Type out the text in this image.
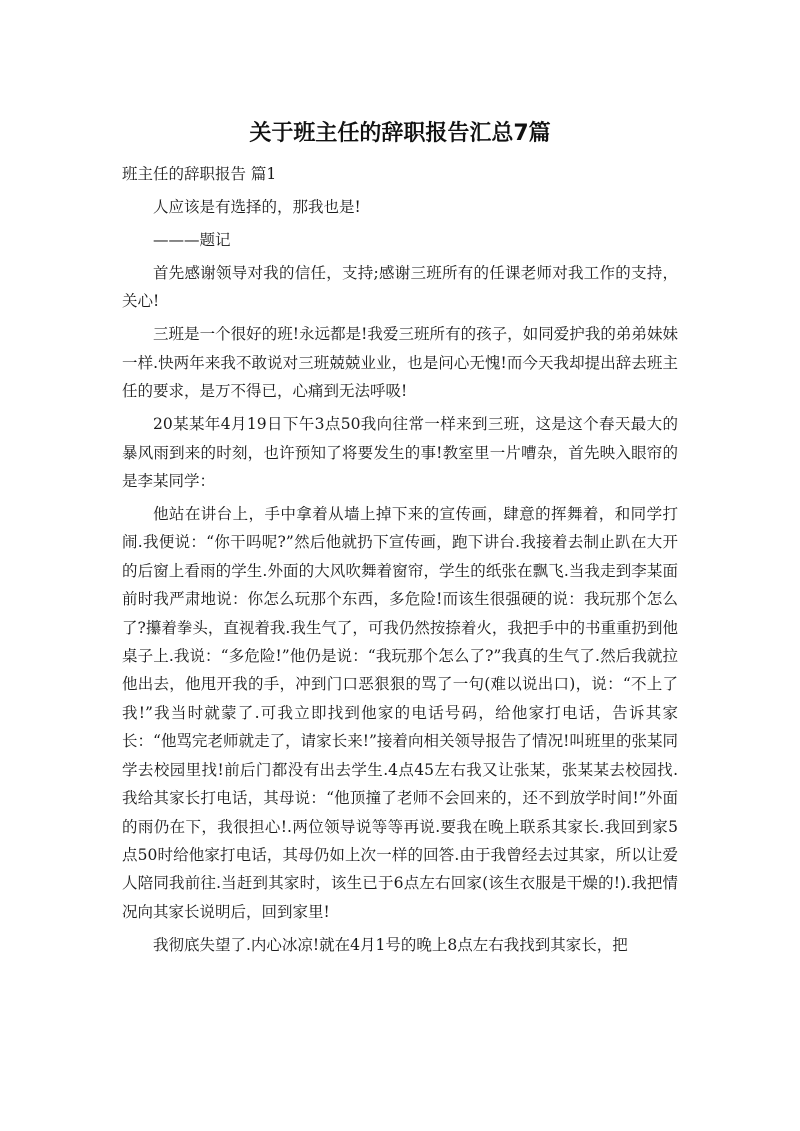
关于班主任的辞职报告汇总7篇
班主任的辞职报告 篇1

人应该是有选择的，那我也是!

———题记

首先感谢领导对我的信任，支持;感谢三班所有的任课老师对我工作的支持，关心!

三班是一个很好的班!永远都是!我爱三班所有的孩子，如同爱护我的弟弟妹妹一样.快两年来我不敢说对三班兢兢业业，也是问心无愧!而今天我却提出辞去班主任的要求，是万不得已，心痛到无法呼吸!

20某某年4月19日下午3点50我向往常一样来到三班，这是这个春天最大的暴风雨到来的时刻，也许预知了将要发生的事!教室里一片嘈杂，首先映入眼帘的是李某同学：

他站在讲台上，手中拿着从墙上掉下来的宣传画，肆意的挥舞着，和同学打闹.我便说：“你干吗呢?”然后他就扔下宣传画，跑下讲台.我接着去制止趴在大开的后窗上看雨的学生.外面的大风吹舞着窗帘，学生的纸张在飘飞.当我走到李某面前时我严肃地说：你怎么玩那个东西，多危险!而该生很强硬的说：我玩那个怎么了?攥着拳头，直视着我.我生气了，可我仍然按捺着火，我把手中的书重重扔到他桌子上.我说：“多危险!”他仍是说：“我玩那个怎么了?”我真的生气了.然后我就拉他出去，他甩开我的手，冲到门口恶狠狠的骂了一句(难以说出口)，说：“不上了我!”我当时就蒙了.可我立即找到他家的电话号码，给他家打电话，告诉其家长：“他骂完老师就走了，请家长来!”接着向相关领导报告了情况!叫班里的张某同学去校园里找!前后门都没有出去学生.4点45左右我又让张某，张某某去校园找.我给其家长打电话，其母说：“他顶撞了老师不会回来的，还不到放学时间!”外面的雨仍在下，我很担心!.两位领导说等等再说.要我在晚上联系其家长.我回到家5点50时给他家打电话，其母仍如上次一样的回答.由于我曾经去过其家，所以让爱人陪同我前往.当赶到其家时，该生已于6点左右回家(该生衣服是干燥的!).我把情况向其家长说明后，回到家里!

我彻底失望了.内心冰凉!就在4月1号的晚上8点左右我找到其家长，把
